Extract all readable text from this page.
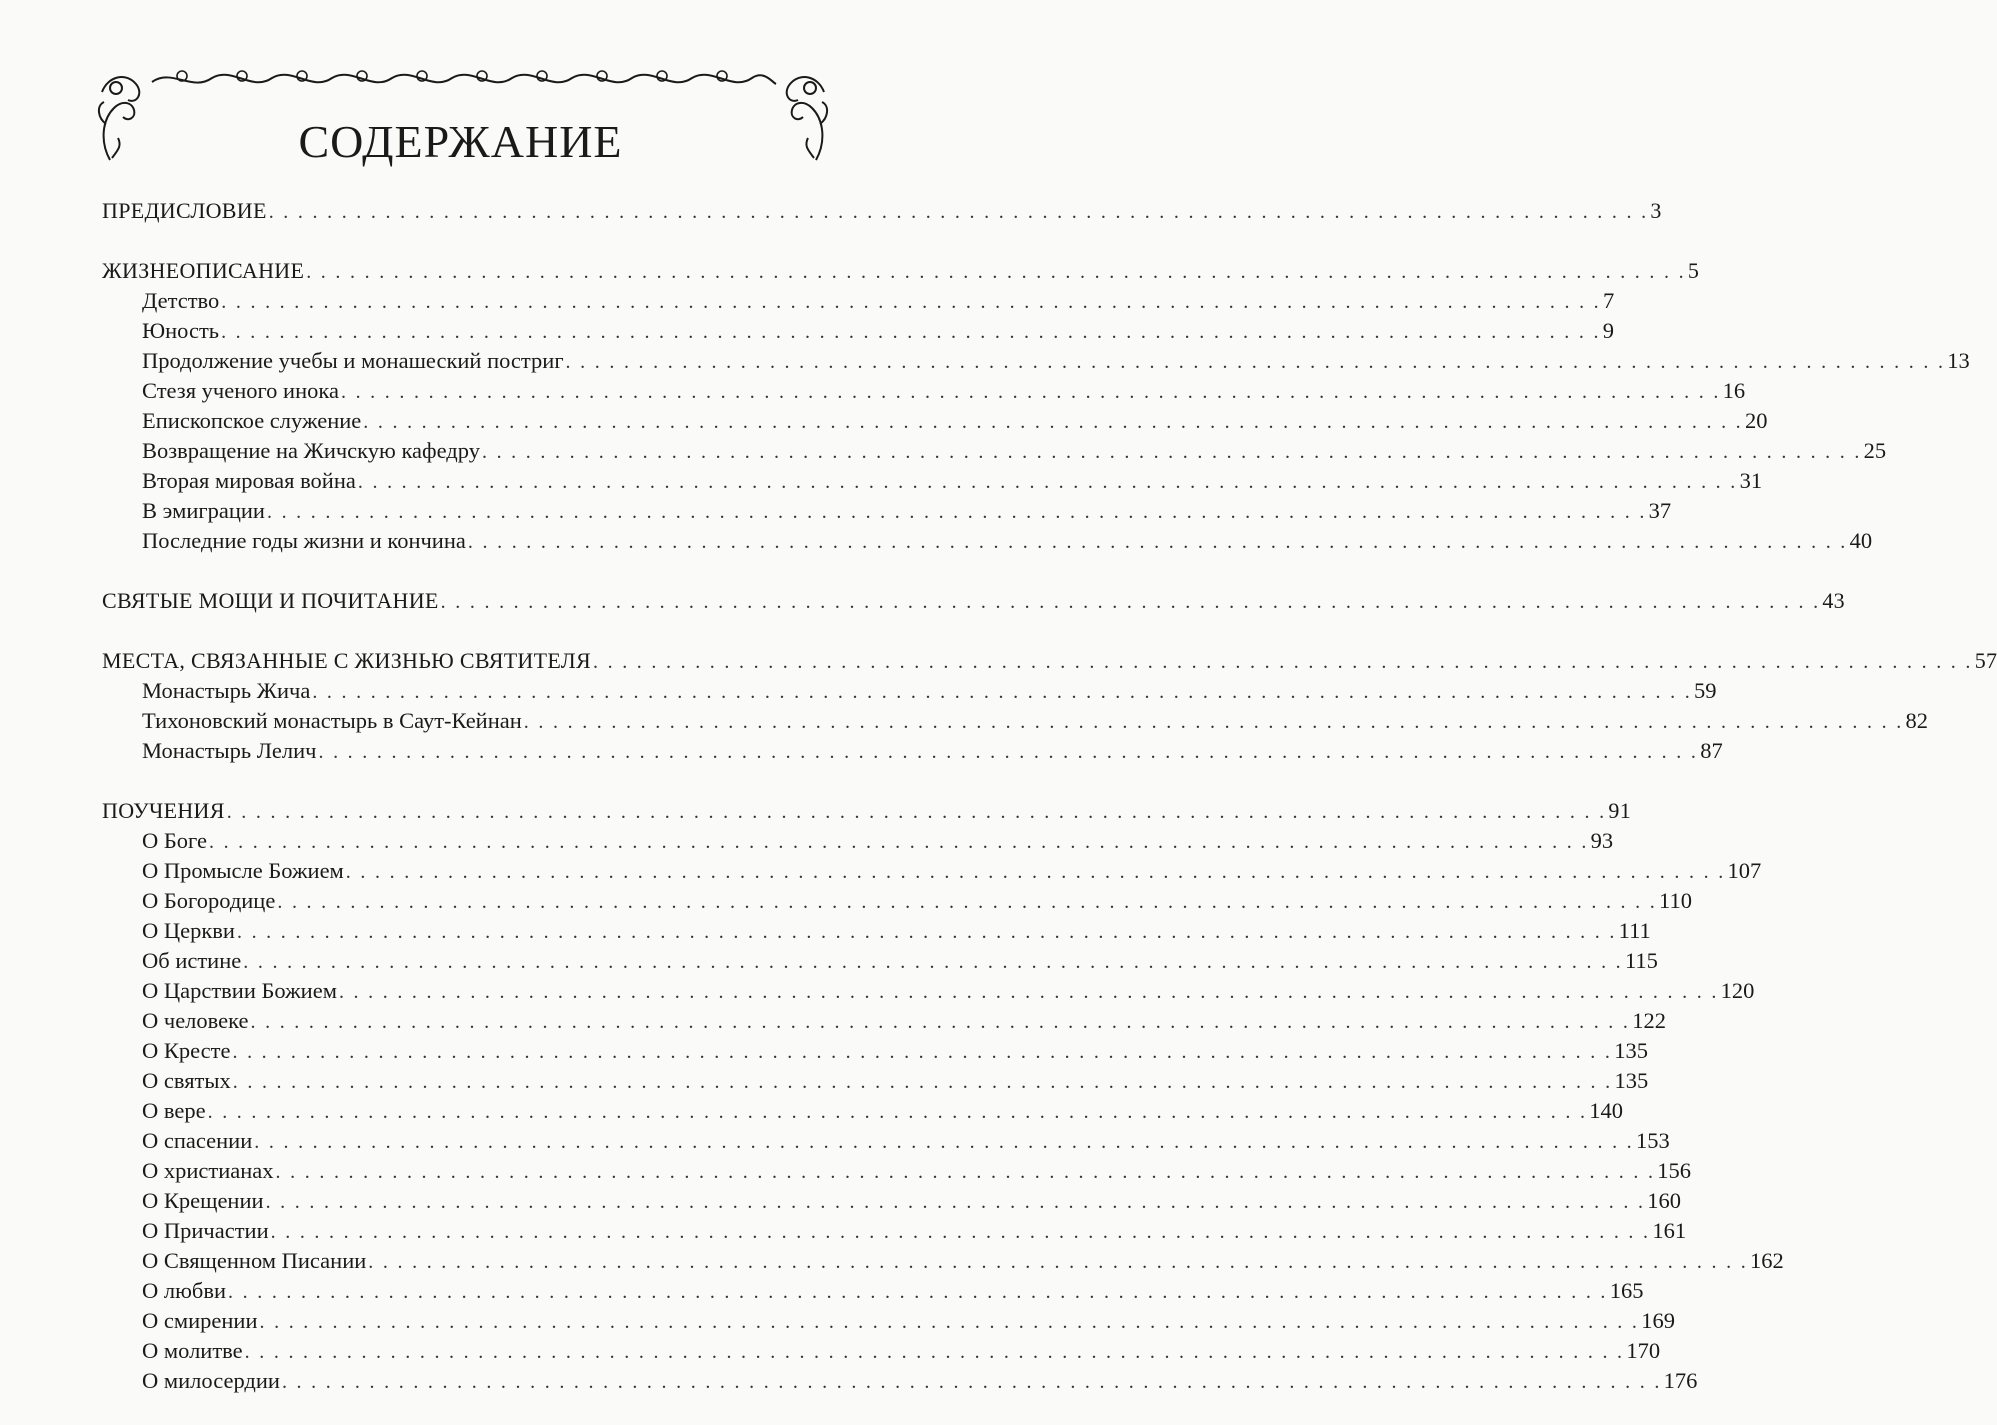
СОДЕРЖАНИЕ
ПРЕДИСЛОВИЕ . . . . . . . . . . . . . . . . . . . . . . . . . . . . . . . . . . . . . . . . . . . . . . . . . . . . . . . . . . . . . . . . . . . . . . . . . . . . . . . . . . . . . . . . . . . . . . . 3
ЖИЗНЕОПИСАНИЕ . . . . . . . . . . . . . . . . . . . . . . . . . . . . . . . . . . . . . . . . . . . . . . . . . . . . . . . . . . . . . . . . . . . . . . . . . . . . . . . . . . . . . . . . . . . . . . . 5
Детство . . . . . . . . . . . . . . . . . . . . . . . . . . . . . . . . . . . . . . . . . . . . . . . . . . . . . . . . . . . . . . . . . . . . . . . . . . . . . . . . . . . . . . . . . . . . . . . 7
Юность . . . . . . . . . . . . . . . . . . . . . . . . . . . . . . . . . . . . . . . . . . . . . . . . . . . . . . . . . . . . . . . . . . . . . . . . . . . . . . . . . . . . . . . . . . . . . . . 9
Продолжение учебы и монашеский постриг . . . . . . . . . . . . . . . . . . . . . . . . . . . . . . . . . . . . . . . . . . . . . . . . . . . . . . . . . . . . . . . . . . . . . . . . . . . . . . . . . . . . . . . . . . . . . . . 13
Стезя ученого инока . . . . . . . . . . . . . . . . . . . . . . . . . . . . . . . . . . . . . . . . . . . . . . . . . . . . . . . . . . . . . . . . . . . . . . . . . . . . . . . . . . . . . . . . . . . . . . . 16
Епископское служение . . . . . . . . . . . . . . . . . . . . . . . . . . . . . . . . . . . . . . . . . . . . . . . . . . . . . . . . . . . . . . . . . . . . . . . . . . . . . . . . . . . . . . . . . . . . . . . 20
Возвращение на Жичскую кафедру . . . . . . . . . . . . . . . . . . . . . . . . . . . . . . . . . . . . . . . . . . . . . . . . . . . . . . . . . . . . . . . . . . . . . . . . . . . . . . . . . . . . . . . . . . . . . . . 25
Вторая мировая война . . . . . . . . . . . . . . . . . . . . . . . . . . . . . . . . . . . . . . . . . . . . . . . . . . . . . . . . . . . . . . . . . . . . . . . . . . . . . . . . . . . . . . . . . . . . . . . 31
В эмиграции . . . . . . . . . . . . . . . . . . . . . . . . . . . . . . . . . . . . . . . . . . . . . . . . . . . . . . . . . . . . . . . . . . . . . . . . . . . . . . . . . . . . . . . . . . . . . . . 37
Последние годы жизни и кончина . . . . . . . . . . . . . . . . . . . . . . . . . . . . . . . . . . . . . . . . . . . . . . . . . . . . . . . . . . . . . . . . . . . . . . . . . . . . . . . . . . . . . . . . . . . . . . . 40
СВЯТЫЕ МОЩИ И ПОЧИТАНИЕ . . . . . . . . . . . . . . . . . . . . . . . . . . . . . . . . . . . . . . . . . . . . . . . . . . . . . . . . . . . . . . . . . . . . . . . . . . . . . . . . . . . . . . . . . . . . . . . 43
МЕСТА, СВЯЗАННЫЕ С ЖИЗНЬЮ СВЯТИТЕЛЯ . . . . . . . . . . . . . . . . . . . . . . . . . . . . . . . . . . . . . . . . . . . . . . . . . . . . . . . . . . . . . . . . . . . . . . . . . . . . . . . . . . . . . . . . . . . . . . . 57
Монастырь Жича . . . . . . . . . . . . . . . . . . . . . . . . . . . . . . . . . . . . . . . . . . . . . . . . . . . . . . . . . . . . . . . . . . . . . . . . . . . . . . . . . . . . . . . . . . . . . . . 59
Тихоновский монастырь в Саут-Кейнан . . . . . . . . . . . . . . . . . . . . . . . . . . . . . . . . . . . . . . . . . . . . . . . . . . . . . . . . . . . . . . . . . . . . . . . . . . . . . . . . . . . . . . . . . . . . . . . 82
Монастырь Лелич . . . . . . . . . . . . . . . . . . . . . . . . . . . . . . . . . . . . . . . . . . . . . . . . . . . . . . . . . . . . . . . . . . . . . . . . . . . . . . . . . . . . . . . . . . . . . . . 87
ПОУЧЕНИЯ . . . . . . . . . . . . . . . . . . . . . . . . . . . . . . . . . . . . . . . . . . . . . . . . . . . . . . . . . . . . . . . . . . . . . . . . . . . . . . . . . . . . . . . . . . . . . . . 91
О Боге . . . . . . . . . . . . . . . . . . . . . . . . . . . . . . . . . . . . . . . . . . . . . . . . . . . . . . . . . . . . . . . . . . . . . . . . . . . . . . . . . . . . . . . . . . . . . . . 93
О Промысле Божием . . . . . . . . . . . . . . . . . . . . . . . . . . . . . . . . . . . . . . . . . . . . . . . . . . . . . . . . . . . . . . . . . . . . . . . . . . . . . . . . . . . . . . . . . . . . . . . 107
О Богородице . . . . . . . . . . . . . . . . . . . . . . . . . . . . . . . . . . . . . . . . . . . . . . . . . . . . . . . . . . . . . . . . . . . . . . . . . . . . . . . . . . . . . . . . . . . . . . . 110
О Церкви . . . . . . . . . . . . . . . . . . . . . . . . . . . . . . . . . . . . . . . . . . . . . . . . . . . . . . . . . . . . . . . . . . . . . . . . . . . . . . . . . . . . . . . . . . . . . . . 111
Об истине . . . . . . . . . . . . . . . . . . . . . . . . . . . . . . . . . . . . . . . . . . . . . . . . . . . . . . . . . . . . . . . . . . . . . . . . . . . . . . . . . . . . . . . . . . . . . . . 115
О Царствии Божием . . . . . . . . . . . . . . . . . . . . . . . . . . . . . . . . . . . . . . . . . . . . . . . . . . . . . . . . . . . . . . . . . . . . . . . . . . . . . . . . . . . . . . . . . . . . . . . 120
О человеке . . . . . . . . . . . . . . . . . . . . . . . . . . . . . . . . . . . . . . . . . . . . . . . . . . . . . . . . . . . . . . . . . . . . . . . . . . . . . . . . . . . . . . . . . . . . . . . 122
О Кресте . . . . . . . . . . . . . . . . . . . . . . . . . . . . . . . . . . . . . . . . . . . . . . . . . . . . . . . . . . . . . . . . . . . . . . . . . . . . . . . . . . . . . . . . . . . . . . . 135
О святых . . . . . . . . . . . . . . . . . . . . . . . . . . . . . . . . . . . . . . . . . . . . . . . . . . . . . . . . . . . . . . . . . . . . . . . . . . . . . . . . . . . . . . . . . . . . . . . 135
О вере . . . . . . . . . . . . . . . . . . . . . . . . . . . . . . . . . . . . . . . . . . . . . . . . . . . . . . . . . . . . . . . . . . . . . . . . . . . . . . . . . . . . . . . . . . . . . . . 140
О спасении . . . . . . . . . . . . . . . . . . . . . . . . . . . . . . . . . . . . . . . . . . . . . . . . . . . . . . . . . . . . . . . . . . . . . . . . . . . . . . . . . . . . . . . . . . . . . . . 153
О христианах . . . . . . . . . . . . . . . . . . . . . . . . . . . . . . . . . . . . . . . . . . . . . . . . . . . . . . . . . . . . . . . . . . . . . . . . . . . . . . . . . . . . . . . . . . . . . . . 156
О Крещении . . . . . . . . . . . . . . . . . . . . . . . . . . . . . . . . . . . . . . . . . . . . . . . . . . . . . . . . . . . . . . . . . . . . . . . . . . . . . . . . . . . . . . . . . . . . . . . 160
О Причастии . . . . . . . . . . . . . . . . . . . . . . . . . . . . . . . . . . . . . . . . . . . . . . . . . . . . . . . . . . . . . . . . . . . . . . . . . . . . . . . . . . . . . . . . . . . . . . . 161
О Священном Писании . . . . . . . . . . . . . . . . . . . . . . . . . . . . . . . . . . . . . . . . . . . . . . . . . . . . . . . . . . . . . . . . . . . . . . . . . . . . . . . . . . . . . . . . . . . . . . . 162
О любви . . . . . . . . . . . . . . . . . . . . . . . . . . . . . . . . . . . . . . . . . . . . . . . . . . . . . . . . . . . . . . . . . . . . . . . . . . . . . . . . . . . . . . . . . . . . . . . 165
О смирении . . . . . . . . . . . . . . . . . . . . . . . . . . . . . . . . . . . . . . . . . . . . . . . . . . . . . . . . . . . . . . . . . . . . . . . . . . . . . . . . . . . . . . . . . . . . . . . 169
О молитве . . . . . . . . . . . . . . . . . . . . . . . . . . . . . . . . . . . . . . . . . . . . . . . . . . . . . . . . . . . . . . . . . . . . . . . . . . . . . . . . . . . . . . . . . . . . . . . 170
О милосердии . . . . . . . . . . . . . . . . . . . . . . . . . . . . . . . . . . . . . . . . . . . . . . . . . . . . . . . . . . . . . . . . . . . . . . . . . . . . . . . . . . . . . . . . . . . . . . . 176
